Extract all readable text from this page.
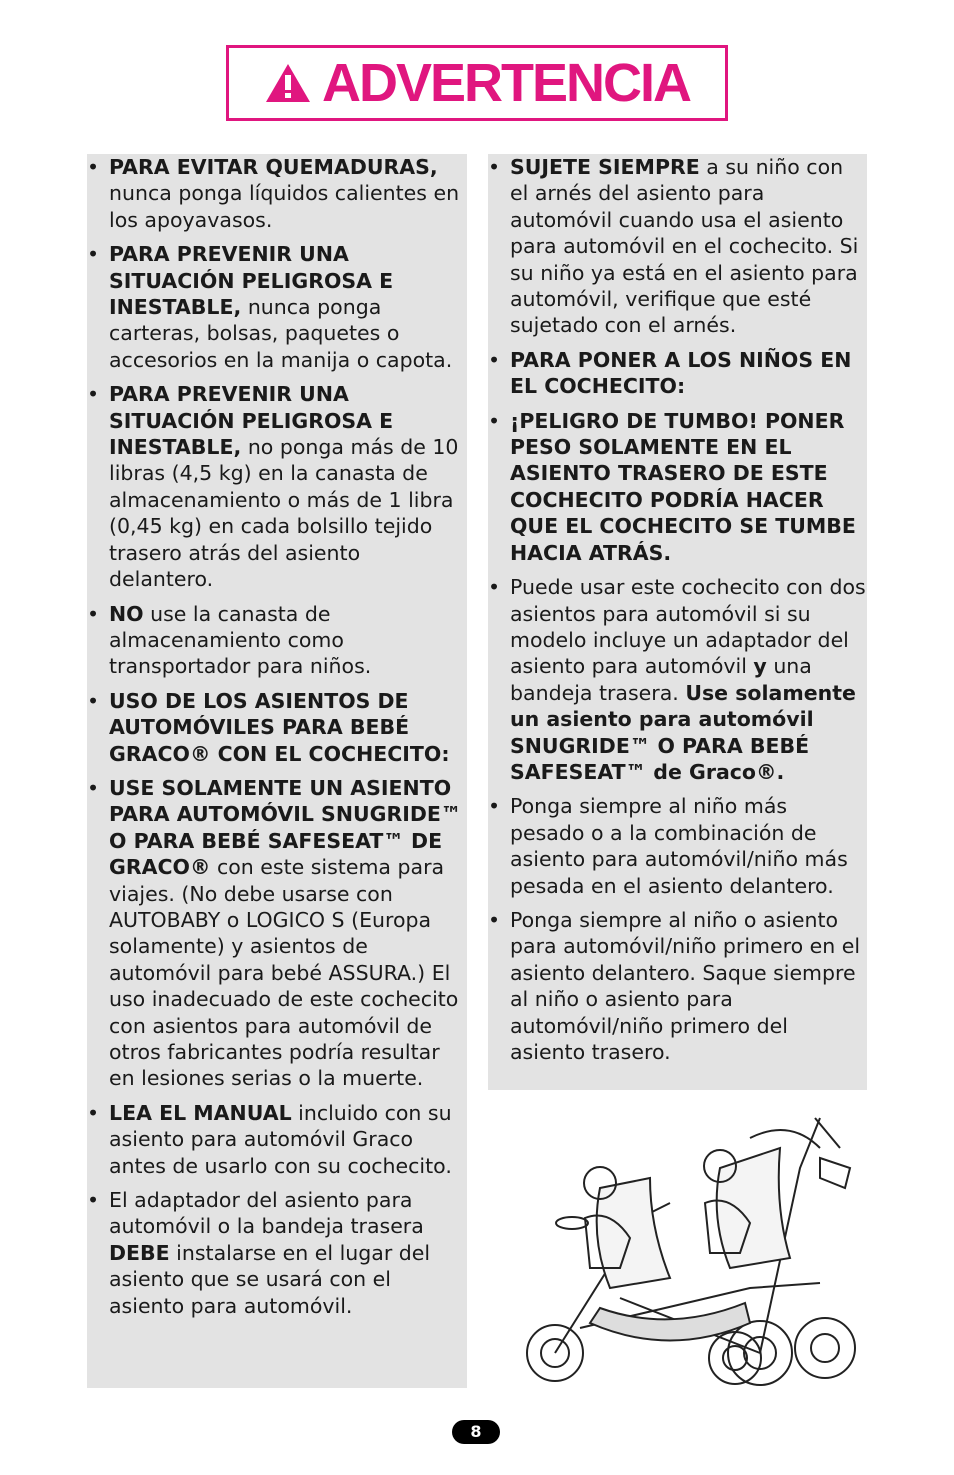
ADVERTENCIA
• PARA EVITAR QUEMADURAS, nunca ponga líquidos calientes en los apoyavasos.
• PARA PREVENIR UNA SITUACIÓN PELIGROSA E INESTABLE, nunca ponga carteras, bolsas, paquetes o accesorios en la manija o capota.
• PARA PREVENIR UNA SITUACIÓN PELIGROSA E INESTABLE, no ponga más de 10 libras (4,5 kg) en la canasta de almacenamiento o más de 1 libra (0,45 kg) en cada bolsillo tejido trasero atrás del asiento delantero.
• NO use la canasta de almacenamiento como transportador para niños.
• USO DE LOS ASIENTOS DE AUTOMÓVILES PARA BEBÉ GRACO® CON EL COCHECITO:
• USE SOLAMENTE UN ASIENTO PARA AUTOMÓVIL SNUGRIDE™ O PARA BEBÉ SAFESEAT™ DE GRACO® con este sistema para viajes. (No debe usarse con AUTOBABY o LOGICO S (Europa solamente) y asientos de automóvil para bebé ASSURA.) El uso inadecuado de este cochecito con asientos para automóvil de otros fabricantes podría resultar en lesiones serias o la muerte.
• LEA EL MANUAL incluido con su asiento para automóvil Graco antes de usarlo con su cochecito.
• El adaptador del asiento para automóvil o la bandeja trasera DEBE instalarse en el lugar del asiento que se usará con el asiento para automóvil.
• SUJETE SIEMPRE a su niño con el arnés del asiento para automóvil cuando usa el asiento para automóvil en el cochecito. Si su niño ya está en el asiento para automóvil, verifique que esté sujetado con el arnés.
• PARA PONER A LOS NIÑOS EN EL COCHECITO:
• ¡PELIGRO DE TUMBO! PONER PESO SOLAMENTE EN EL ASIENTO TRASERO DE ESTE COCHECITO PODRÍA HACER QUE EL COCHECITO SE TUMBE HACIA ATRÁS.
• Puede usar este cochecito con dos asientos para automóvil si su modelo incluye un adaptador del asiento para automóvil y una bandeja trasera. Use solamente un asiento para automóvil SNUGRIDE™ O PARA BEBÉ SAFESEAT™ de Graco®.
• Ponga siempre al niño más pesado o a la combinación de asiento para automóvil/niño más pesada en el asiento delantero.
• Ponga siempre al niño o asiento para automóvil/niño primero en el asiento delantero. Saque siempre al niño o asiento para automóvil/niño primero del asiento trasero.
8
